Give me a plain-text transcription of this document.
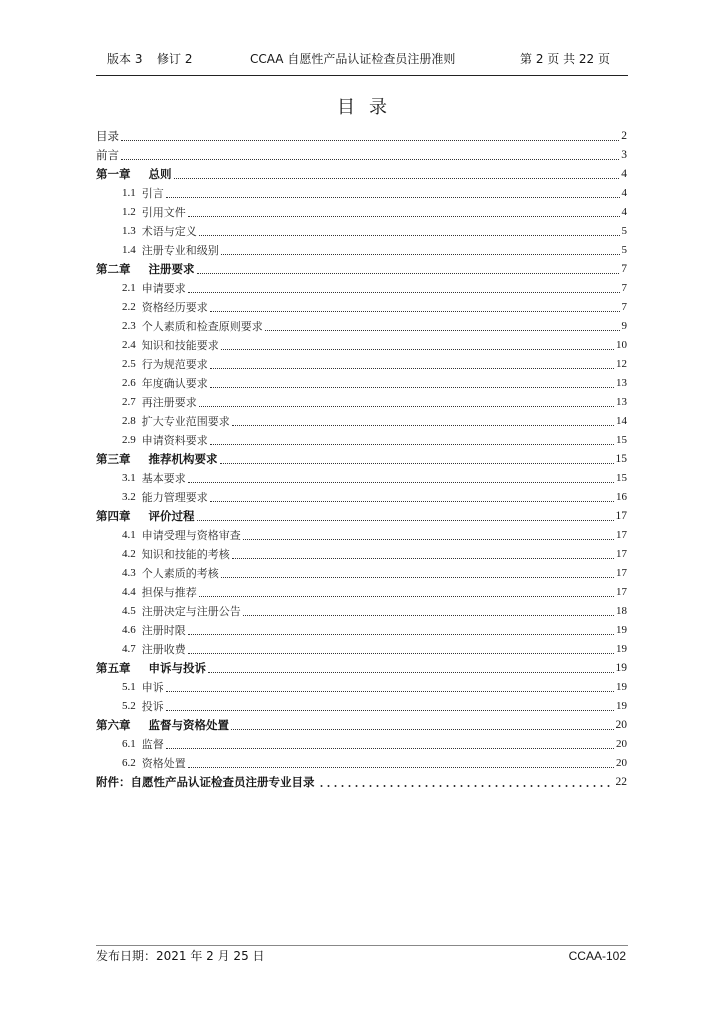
版本 3 修订 2	CCAA 自愿性产品认证检查员注册准则	第 2 页 共 22 页
目录
目录	2
前言	3
第一章 总则	4
1.1 引言	4
1.2 引用文件	4
1.3 术语与定义	5
1.4 注册专业和级别	5
第二章 注册要求	7
2.1 申请要求	7
2.2 资格经历要求	7
2.3 个人素质和检查原则要求	9
2.4 知识和技能要求	10
2.5 行为规范要求	12
2.6 年度确认要求	13
2.7 再注册要求	13
2.8 扩大专业范围要求	14
2.9 申请资料要求	15
第三章 推荐机构要求	15
3.1 基本要求	15
3.2 能力管理要求	16
第四章 评价过程	17
4.1 申请受理与资格审查	17
4.2 知识和技能的考核	17
4.3 个人素质的考核	17
4.4 担保与推荐	17
4.5 注册决定与注册公告	18
4.6 注册时限	19
4.7 注册收费	19
第五章 申诉与投诉	19
5.1 申诉	19
5.2 投诉	19
第六章 监督与资格处置	20
6.1 监督	20
6.2 资格处置	20
附件：自愿性产品认证检查员注册专业目录	22
发布日期：2021 年 2 月 25 日	CCAA-102
